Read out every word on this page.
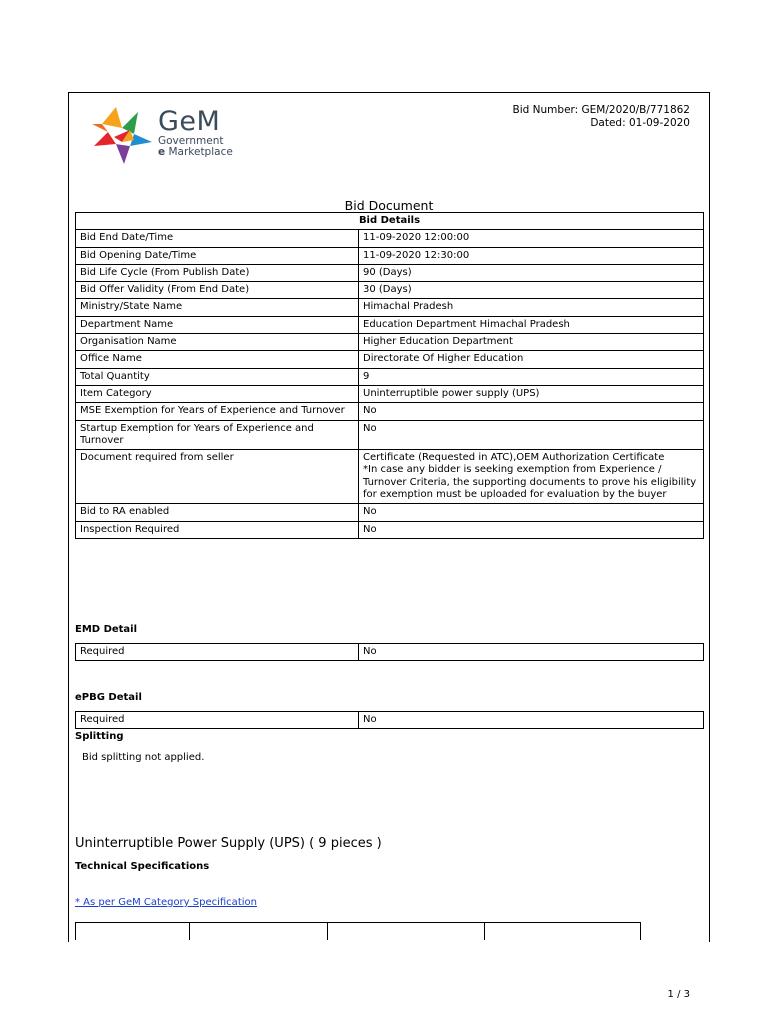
GeM
Government
e Marketplace
Bid Number: GEM/2020/B/771862
Dated: 01-09-2020
Bid Document
Bid Details	
Bid End Date/Time	11-09-2020 12:00:00
Bid Opening Date/Time	11-09-2020 12:30:00
Bid Life Cycle (From Publish Date)	90 (Days)
Bid Offer Validity (From End Date)	30 (Days)
Ministry/State Name	Himachal Pradesh
Department Name	Education Department Himachal Pradesh
Organisation Name	Higher Education Department
Office Name	Directorate Of Higher Education
Total Quantity	9
Item Category	Uninterruptible power supply (UPS)
MSE Exemption for Years of Experience and Turnover	No
Startup Exemption for Years of Experience and Turnover	No
Document required from seller	Certificate (Requested in ATC),OEM Authorization Certificate
*In case any bidder is seeking exemption from Experience / Turnover Criteria, the supporting documents to prove his eligibility for exemption must be uploaded for evaluation by the buyer
Bid to RA enabled	No
Inspection Required	No
EMD Detail
Required	No
ePBG Detail
Required	No
Splitting
Bid splitting not applied.
Uninterruptible Power Supply (UPS) ( 9 pieces )
Technical Specifications
* As per GeM Category Specification
1 / 3
